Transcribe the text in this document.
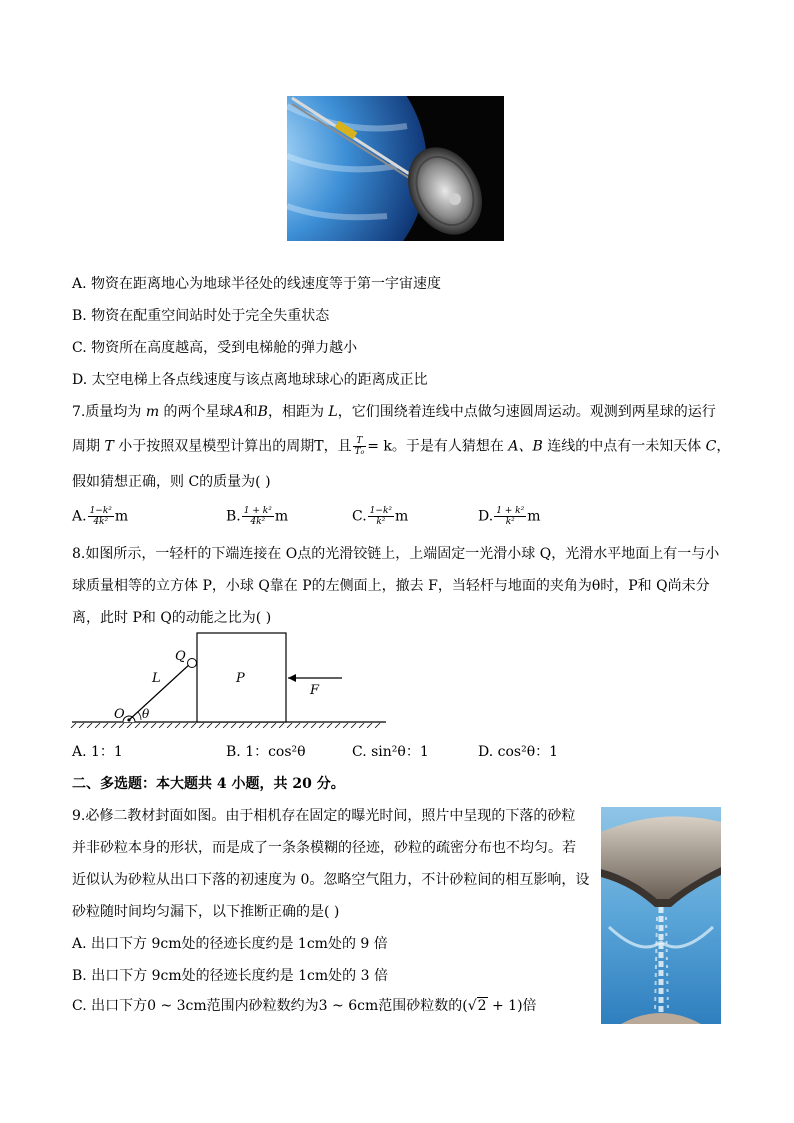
A. 物资在距离地心为地球半径处的线速度等于第一宇宙速度
B. 物资在配重空间站时处于完全失重状态
C. 物资所在高度越高，受到电梯舱的弹力越小
D. 太空电梯上各点线速度与该点离地球球心的距离成正比
7.质量均为 m 的两个星球A和B，相距为 L，它们围绕着连线中点做匀速圆周运动。观测到两星球的运行
周期 T 小于按照双星模型计算出的周期T，且 $\frac{T}{\text{T₀}} = k$。于是有人猜想在 A、B 连线的中点有一未知天体 C，
假如猜想正确，则 C的质量为( )
A. $\frac{\text{1−k²}}{\text{4k²}}$ m	B. $\frac{\text{1 + k²}}{\text{4k²}}$ m	C. $\frac{\text{1−k²}}{\text{k²}}$ m	D. $\frac{\text{1 + k²}}{\text{k²}}$ m
8.如图所示，一轻杆的下端连接在 O点的光滑铰链上，上端固定一光滑小球 Q，光滑水平地面上有一与小
球质量相等的立方体 P，小球 Q靠在 P的左侧面上，撤去 F，当轻杆与地面的夹角为θ时，P和 Q尚未分
离，此时 P和 Q的动能之比为( )
Q
L	P
F
O θ
A. 1：1	B. 1：cos²θ	C. sin²θ：1	D. cos²θ：1
二、多选题：本大题共 4 小题，共 20 分。
9.必修二教材封面如图。由于相机存在固定的曝光时间，照片中呈现的下落的砂粒
并非砂粒本身的形状，而是成了一条条模糊的径迹，砂粒的疏密分布也不均匀。若
近似认为砂粒从出口下落的初速度为 0。忽略空气阻力，不计砂粒间的相互影响，设
砂粒随时间均匀漏下，以下推断正确的是( )
A. 出口下方 9cm处的径迹长度约是 1cm处的 9 倍
B. 出口下方 9cm处的径迹长度约是 1cm处的 3 倍
C. 出口下方0 ~ 3cm范围内砂粒数约为3 ~ 6cm范围砂粒数的(√2 + 1)倍
